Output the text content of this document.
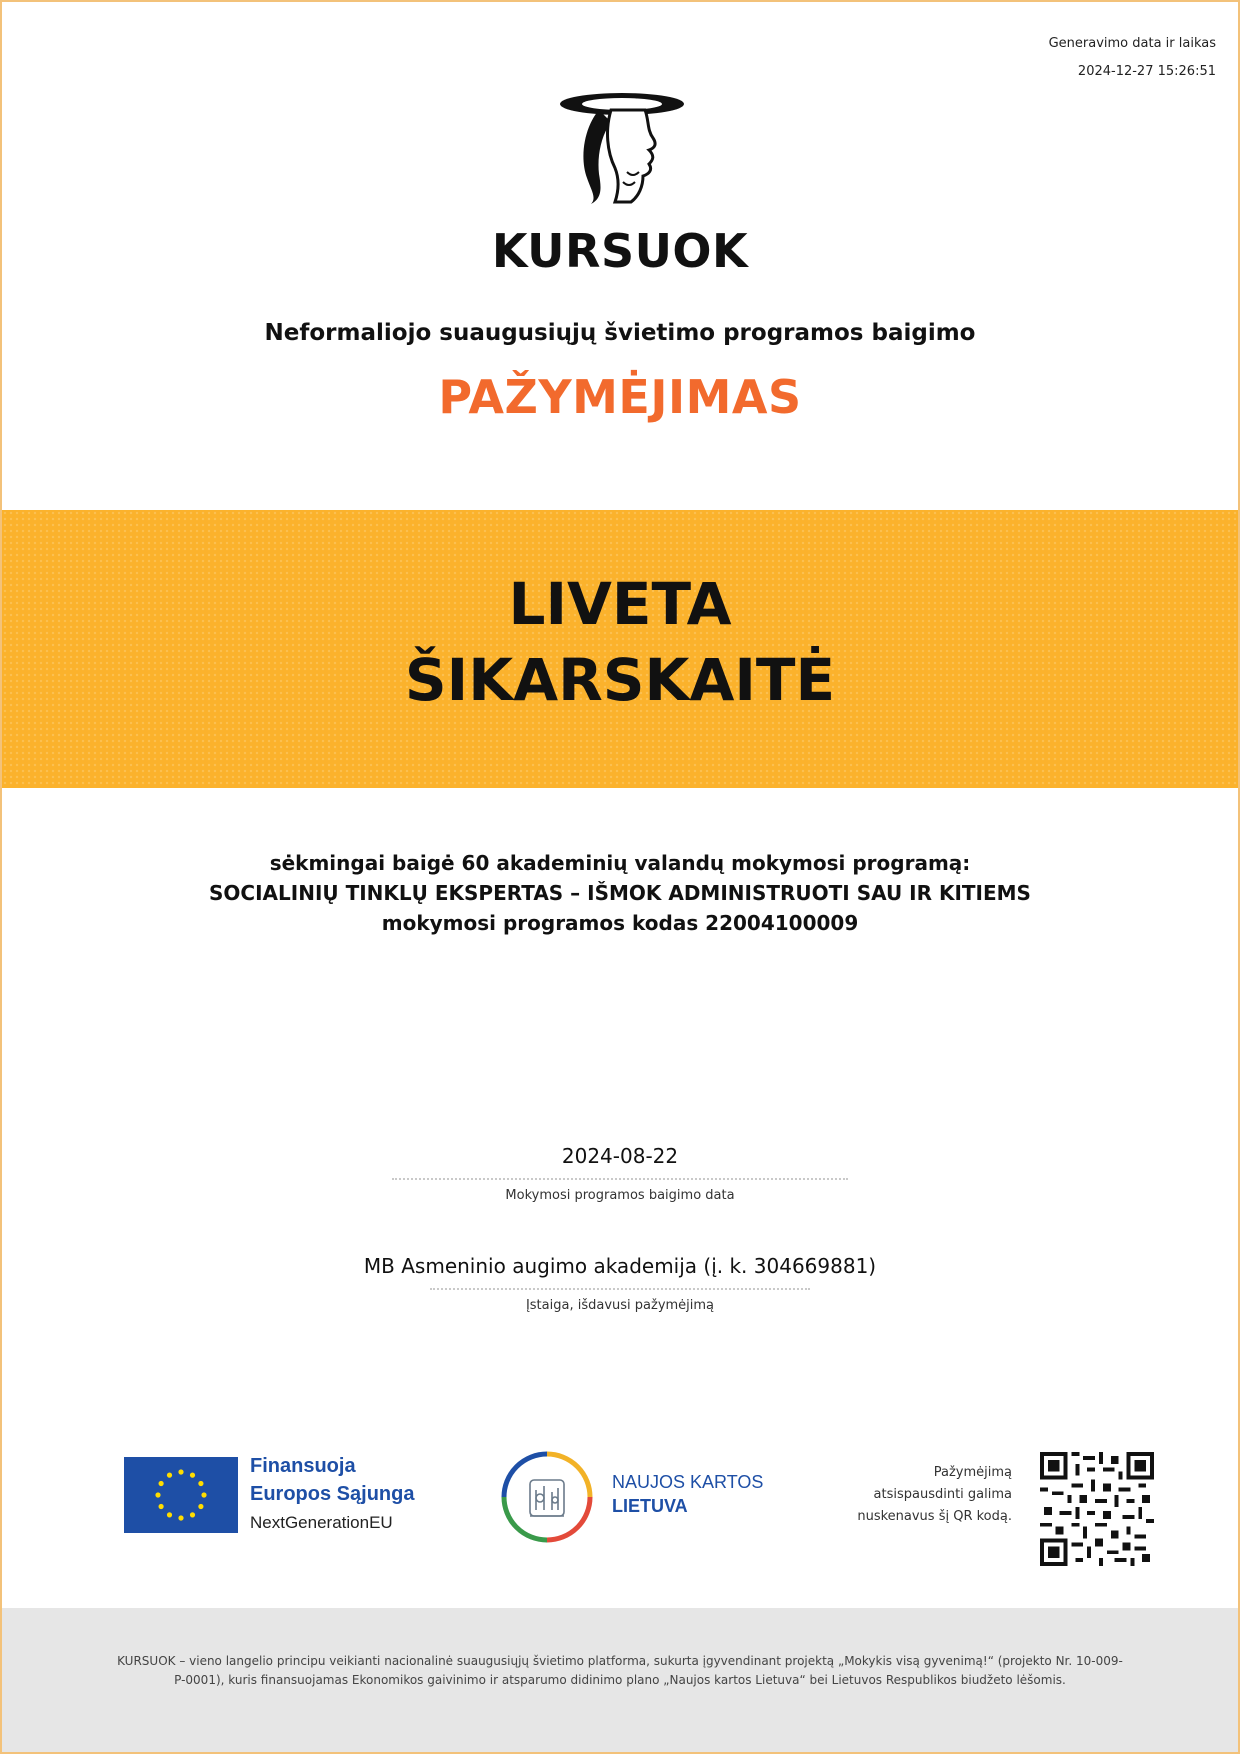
Generavimo data ir laikas
2024-12-27 15:26:51
KURSUOK
Neformaliojo suaugusiųjų švietimo programos baigimo
PAŽYMĖJIMAS
LIVETA
ŠIKARSKAITĖ
sėkmingai baigė 60 akademinių valandų mokymosi programą:
SOCIALINIŲ TINKLŲ EKSPERTAS – IŠMOK ADMINISTRUOTI SAU IR KITIEMS
mokymosi programos kodas 22004100009
2024-08-22
Mokymosi programos baigimo data
MB Asmeninio augimo akademija (į. k. 304669881)
Įstaiga, išdavusi pažymėjimą
Finansuoja
Europos Sąjunga
NextGenerationEU
NAUJOS KARTOS
LIETUVA
Pažymėjimą
atsispausdinti galima
nuskenavus šį QR kodą.

KURSUOK – vieno langelio principu veikianti nacionalinė suaugusiųjų švietimo platforma, sukurta įgyvendinant projektą „Mokykis visą gyvenimą!“ (projekto Nr. 10-009-P-0001), kuris finansuojamas Ekonomikos gaivinimo ir atsparumo didinimo plano „Naujos kartos Lietuva“ bei Lietuvos Respublikos biudžeto lėšomis.
